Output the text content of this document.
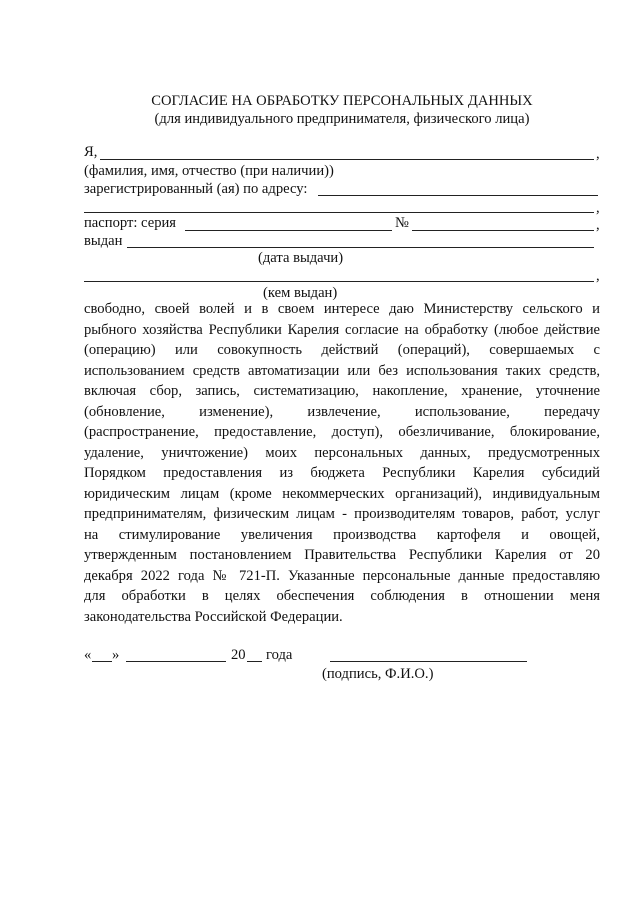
СОГЛАСИЕ НА ОБРАБОТКУ ПЕРСОНАЛЬНЫХ ДАННЫХ
(для индивидуального предпринимателя, физического лица)
Я,	,
(фамилия, имя, отчество (при наличии))
зарегистрированный (ая) по адресу:
,
паспорт: серия	№	,
выдан
(дата выдачи)
,
(кем выдан)
свободно, своей волей и в своем интересе даю Министерству сельского и
рыбного хозяйства Республики Карелия согласие на обработку (любое действие
(операцию) или совокупность действий (операций), совершаемых с
использованием средств автоматизации или без использования таких средств,
включая сбор, запись, систематизацию, накопление, хранение, уточнение
(обновление, изменение), извлечение, использование, передачу
(распространение, предоставление, доступ), обезличивание, блокирование,
удаление, уничтожение) моих персональных данных, предусмотренных
Порядком предоставления из бюджета Республики Карелия субсидий
юридическим лицам (кроме некоммерческих организаций), индивидуальным
предпринимателям, физическим лицам - производителям товаров, работ, услуг
на стимулирование увеличения производства картофеля и овощей,
утвержденным постановлением Правительства Республики Карелия от 20
декабря 2022 года № 721-П. Указанные персональные данные предоставляю
для обработки в целях обеспечения соблюдения в отношении меня
законодательства Российской Федерации.
« »	20 года
(подпись, Ф.И.О.)
